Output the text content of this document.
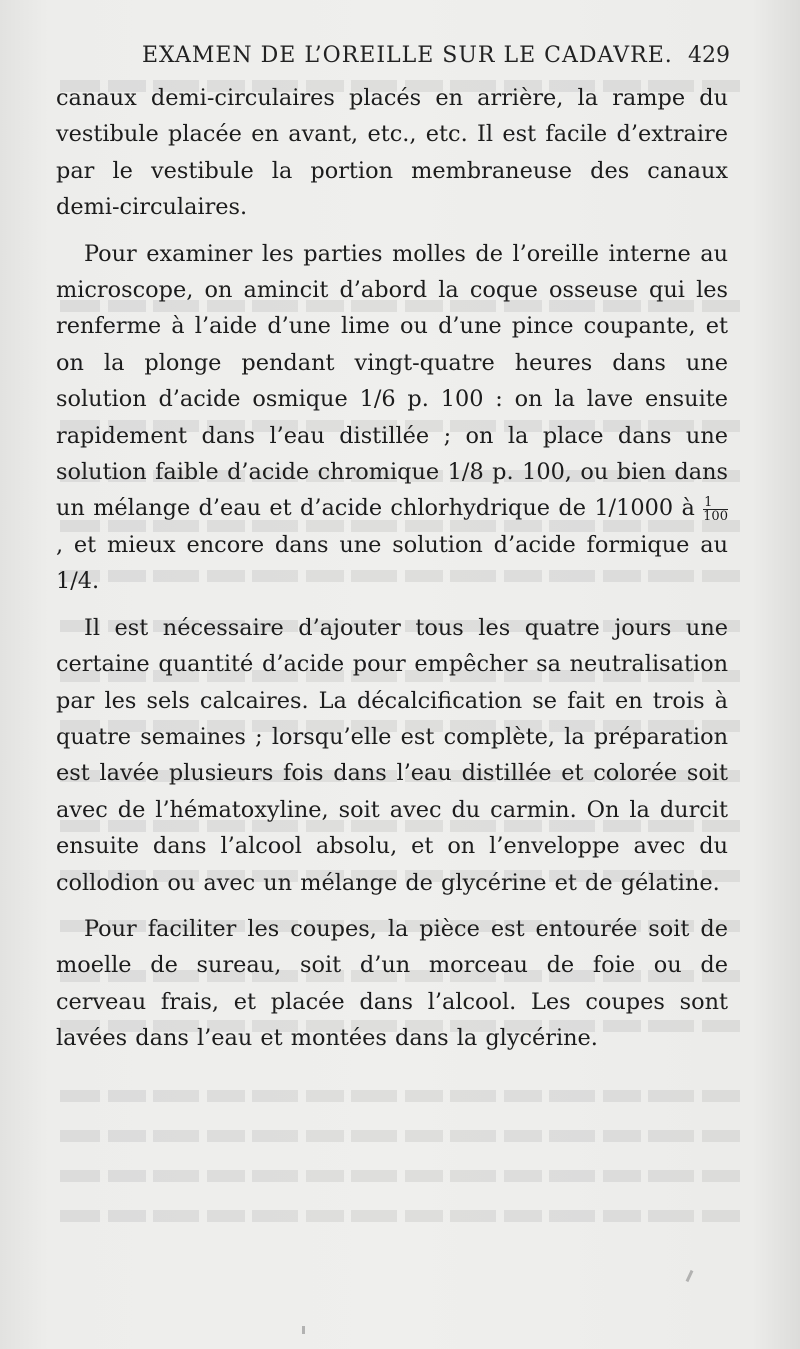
EXAMEN DE L’OREILLE SUR LE CADAVRE. 429

canaux demi-circulaires placés en arrière, la rampe du vestibule placée en avant, etc., etc. Il est facile d’extraire par le vestibule la portion membraneuse des canaux demi-circulaires.

Pour examiner les parties molles de l’oreille interne au microscope, on amincit d’abord la coque osseuse qui les renferme à l’aide d’une lime ou d’une pince coupante, et on la plonge pendant vingt-quatre heures dans une solution d’acide osmique 1/6 p. 100 : on la lave ensuite rapidement dans l’eau distillée ; on la place dans une solution faible d’acide chromique 1/8 p. 100, ou bien dans un mélange d’eau et d’acide chlorhydrique de 1/1000 à $\frac{1}{100}$
, et mieux encore dans une solution d’acide formique au 1/4.

Il est nécessaire d’ajouter tous les quatre jours une certaine quantité d’acide pour empêcher sa neutralisation par les sels calcaires. La décalcification se fait en trois à quatre semaines ; lorsqu’elle est complète, la préparation est lavée plusieurs fois dans l’eau distillée et colorée soit avec de l’hématoxyline, soit avec du carmin. On la durcit ensuite dans l’alcool absolu, et on l’enveloppe avec du collodion ou avec un mélange de glycérine et de gélatine.

Pour faciliter les coupes, la pièce est entourée soit de moelle de sureau, soit d’un morceau de foie ou de cerveau frais, et placée dans l’alcool. Les coupes sont lavées dans l’eau et montées dans la glycérine.
